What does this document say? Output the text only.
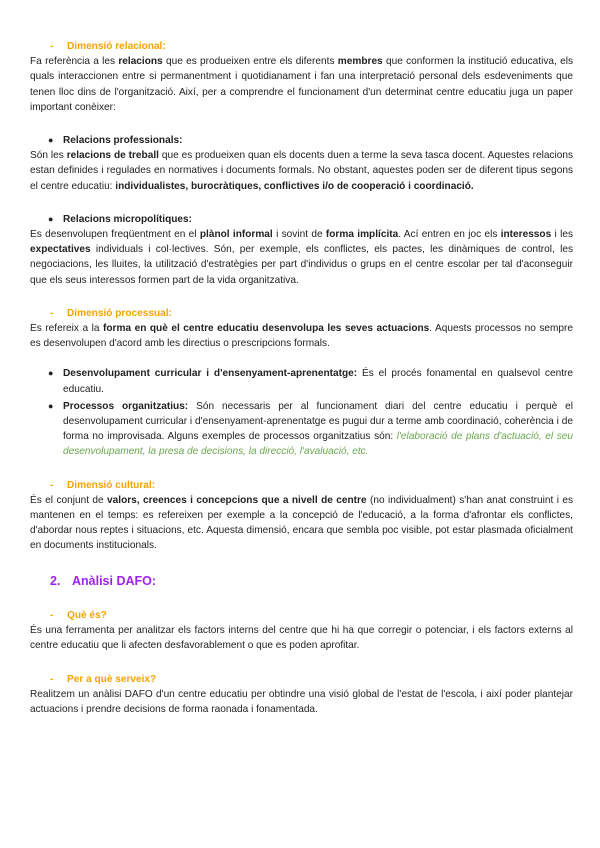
-	Dimensió relacional:

Fa referència a les relacions que es produeixen entre els diferents membres que conformen la institució educativa, els quals interaccionen entre si permanentment i quotidianament i fan una interpretació personal dels esdeveniments que tenen lloc dins de l'organització. Així, per a comprendre el funcionament d'un determinat centre educatiu juga un paper important conèixer:

● Relacions professionals:

Són les relacions de treball que es produeixen quan els docents duen a terme la seva tasca docent. Aquestes relacions estan definides i regulades en normatives i documents formals. No obstant, aquestes poden ser de diferent tipus segons el centre educatiu: individualistes, burocràtiques, conflictives i/o de cooperació i coordinació.

● Relacions micropolítiques:

Es desenvolupen freqüentment en el plànol informal i sovint de forma implícita. Ací entren en joc els interessos i les expectatives individuals i col·lectives. Són, per exemple, els conflictes, els pactes, les dinàmiques de control, les negociacions, les lluites, la utilització d'estratègies per part d'individus o grups en el centre escolar per tal d'aconseguir que els seus interessos formen part de la vida organitzativa.

-	Dimensió processual:

Es refereix a la forma en què el centre educatiu desenvolupa les seves actuacions. Aquests processos no sempre es desenvolupen d'acord amb les directius o prescripcions formals.

● Desenvolupament curricular i d'ensenyament-aprenentatge: És el procés fonamental en qualsevol centre educatiu.
● Processos organitzatius: Són necessaris per al funcionament diari del centre educatiu i perquè el desenvolupament curricular i d'ensenyament-aprenentatge es pugui dur a terme amb coordinació, coherència i de forma no improvisada. Alguns exemples de processos organitzatius són: l'elaboració de plans d'actuació, el seu desenvolupament, la presa de decisions, la direcció, l'avaluació, etc.
-	Dimensió cultural:

És el conjunt de valors, creences i concepcions que a nivell de centre (no individualment) s'han anat construint i es mantenen en el temps: es refereixen per exemple a la concepció de l'educació, a la forma d'afrontar els conflictes, d'abordar nous reptes i situacions, etc. Aquesta dimensió, encara que sembla poc visible, pot estar plasmada oficialment en documents institucionals.

2. Anàlisi DAFO:
-	Què és?

És una ferramenta per analitzar els factors interns del centre que hi ha que corregir o potenciar, i els factors externs al centre educatiu que li afecten desfavorablement o que es poden aprofitar.

-	Per a què serveix?

Realitzem un anàlisi DAFO d'un centre educatiu per obtindre una visió global de l'estat de l'escola, i així poder plantejar actuacions i prendre decisions de forma raonada i fonamentada.
